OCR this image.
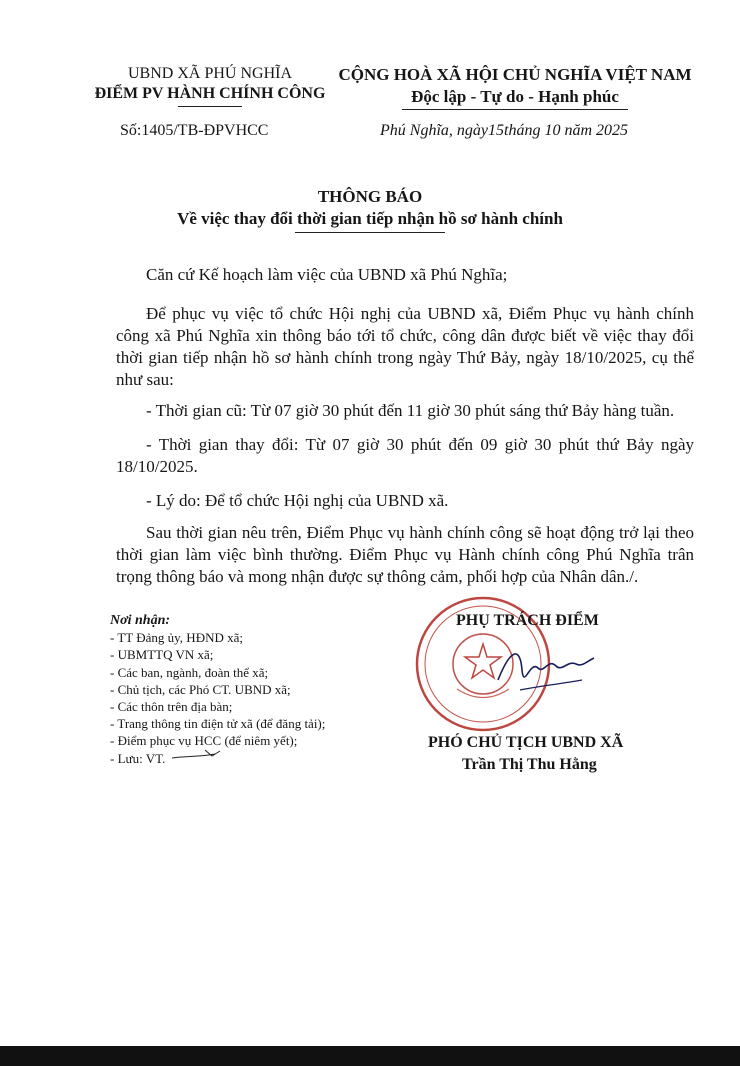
UBND XÃ PHÚ NGHĨA
ĐIỂM PV HÀNH CHÍNH CÔNG
CỘNG HOÀ XÃ HỘI CHỦ NGHĨA VIỆT NAM
Độc lập - Tự do - Hạnh phúc
Số:1405/TB-ĐPVHCC	Phú Nghĩa, ngày15tháng 10 năm 2025
THÔNG BÁO
Về việc thay đổi thời gian tiếp nhận hồ sơ hành chính
Căn cứ Kế hoạch làm việc của UBND xã Phú Nghĩa;
Để phục vụ việc tổ chức Hội nghị của UBND xã, Điểm Phục vụ hành chính công xã Phú Nghĩa xin thông báo tới tổ chức, công dân được biết về việc thay đổi thời gian tiếp nhận hồ sơ hành chính trong ngày Thứ Bảy, ngày 18/10/2025, cụ thể như sau:
- Thời gian cũ: Từ 07 giờ 30 phút đến 11 giờ 30 phút sáng thứ Bảy hàng tuần.
- Thời gian thay đổi: Từ 07 giờ 30 phút đến 09 giờ 30 phút thứ Bảy ngày 18/10/2025.
- Lý do: Để tổ chức Hội nghị của UBND xã.
Sau thời gian nêu trên, Điểm Phục vụ hành chính công sẽ hoạt động trở lại theo thời gian làm việc bình thường. Điểm Phục vụ Hành chính công Phú Nghĩa trân trọng thông báo và mong nhận được sự thông cảm, phối hợp của Nhân dân./.
Nơi nhận:
- TT Đảng ủy, HĐND xã;
- UBMTTQ VN xã;
- Các ban, ngành, đoàn thể xã;
- Chủ tịch, các Phó CT. UBND xã;
- Các thôn trên địa bàn;
- Trang thông tin điện tử xã (để đăng tải);
- Điểm phục vụ HCC (để niêm yết);
- Lưu: VT.
PHỤ TRÁCH ĐIỂM
PHÓ CHỦ TỊCH UBND XÃ
Trần Thị Thu Hằng
